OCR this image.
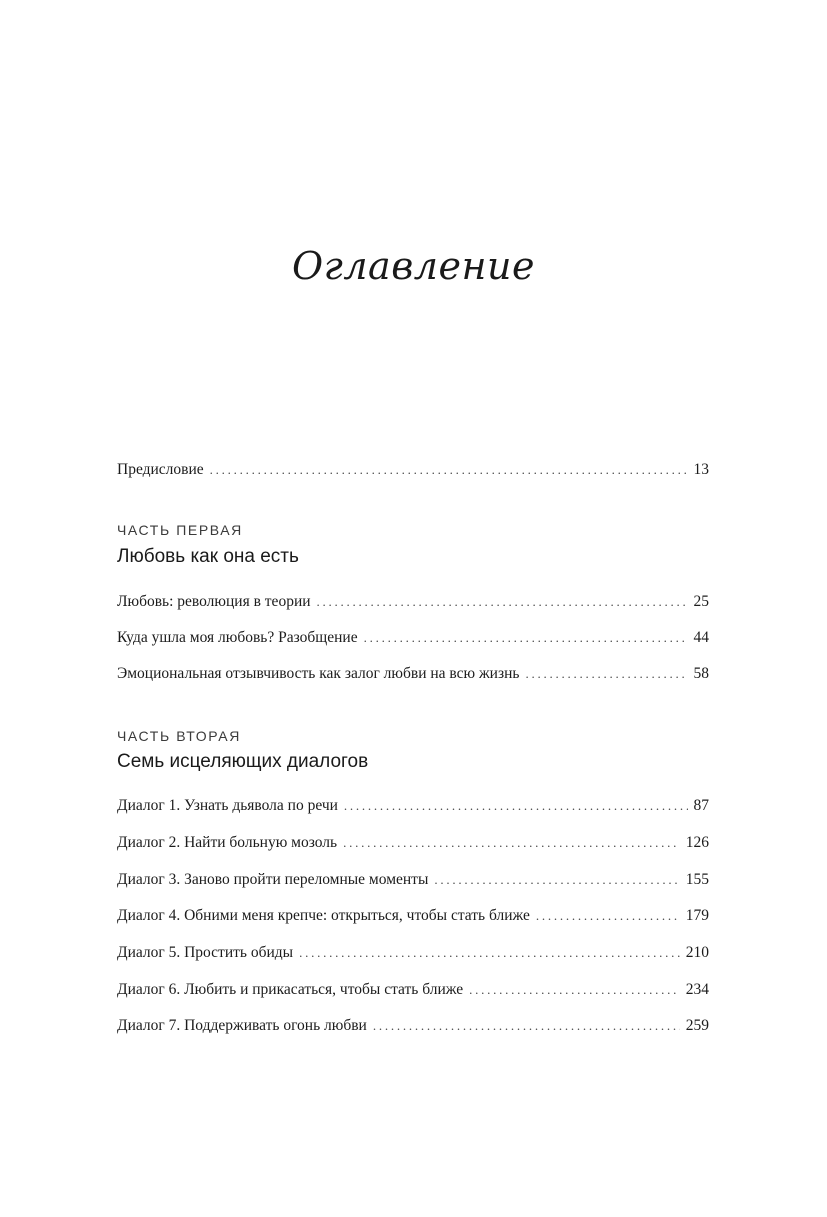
Оглавление
Предисловие . . .	13
ЧАСТЬ ПЕРВАЯ
Любовь как она есть
Любовь: революция в теории . . .	25
Куда ушла моя любовь? Разобщение . . .	44
Эмоциональная отзывчивость как залог любви на всю жизнь . . .	58
ЧАСТЬ ВТОРАЯ
Семь исцеляющих диалогов
Диалог 1. Узнать дьявола по речи . . .	87
Диалог 2. Найти больную мозоль . . .	126
Диалог 3. Заново пройти переломные моменты . . .	155
Диалог 4. Обними меня крепче: открыться, чтобы стать ближе . . .	179
Диалог 5. Простить обиды . . .	210
Диалог 6. Любить и прикасаться, чтобы стать ближе . . .	234
Диалог 7. Поддерживать огонь любви . . .	259
